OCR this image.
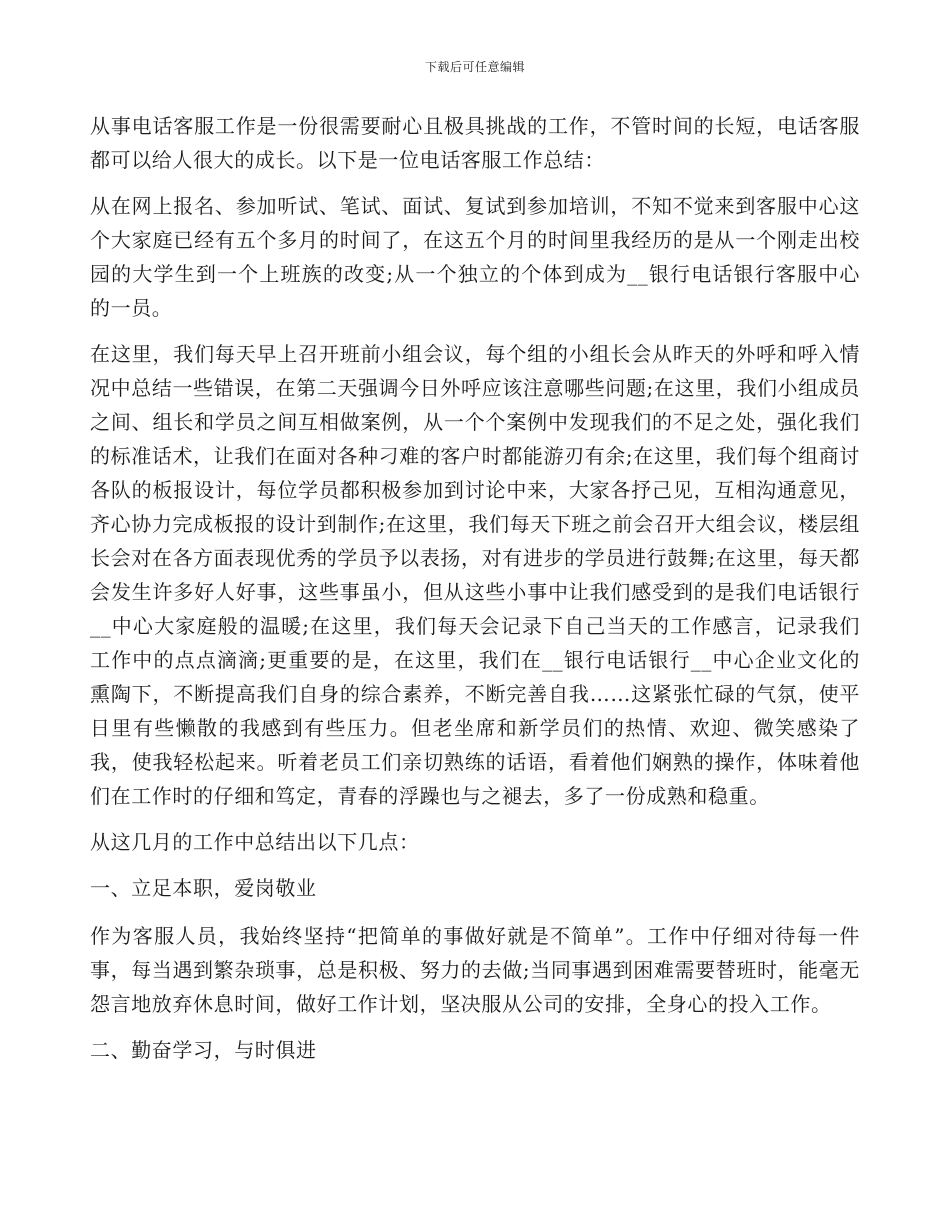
下载后可任意编辑

从事电话客服工作是一份很需要耐心且极具挑战的工作，不管时间的长短，电话客服都可以给人很大的成长。以下是一位电话客服工作总结：

从在网上报名、参加听试、笔试、面试、复试到参加培训，不知不觉来到客服中心这个大家庭已经有五个多月的时间了，在这五个月的时间里我经历的是从一个刚走出校园的大学生到一个上班族的改变;从一个独立的个体到成为__银行电话银行客服中心的一员。

在这里，我们每天早上召开班前小组会议，每个组的小组长会从昨天的外呼和呼入情况中总结一些错误，在第二天强调今日外呼应该注意哪些问题;在这里，我们小组成员之间、组长和学员之间互相做案例，从一个个案例中发现我们的不足之处，强化我们的标准话术，让我们在面对各种刁难的客户时都能游刃有余;在这里，我们每个组商讨各队的板报设计，每位学员都积极参加到讨论中来，大家各抒己见，互相沟通意见，齐心协力完成板报的设计到制作;在这里，我们每天下班之前会召开大组会议，楼层组长会对在各方面表现优秀的学员予以表扬，对有进步的学员进行鼓舞;在这里，每天都会发生许多好人好事，这些事虽小，但从这些小事中让我们感受到的是我们电话银行__中心大家庭般的温暖;在这里，我们每天会记录下自己当天的工作感言，记录我们工作中的点点滴滴;更重要的是，在这里，我们在__银行电话银行__中心企业文化的熏陶下，不断提高我们自身的综合素养，不断完善自我……这紧张忙碌的气氛，使平日里有些懒散的我感到有些压力。但老坐席和新学员们的热情、欢迎、微笑感染了我，使我轻松起来。听着老员工们亲切熟练的话语，看着他们娴熟的操作，体味着他们在工作时的仔细和笃定，青春的浮躁也与之褪去，多了一份成熟和稳重。

从这几月的工作中总结出以下几点：

一、立足本职，爱岗敬业

作为客服人员，我始终坚持“把简单的事做好就是不简单”。工作中仔细对待每一件事，每当遇到繁杂琐事，总是积极、努力的去做;当同事遇到困难需要替班时，能毫无怨言地放弃休息时间，做好工作计划，坚决服从公司的安排，全身心的投入工作。

二、勤奋学习，与时俱进
